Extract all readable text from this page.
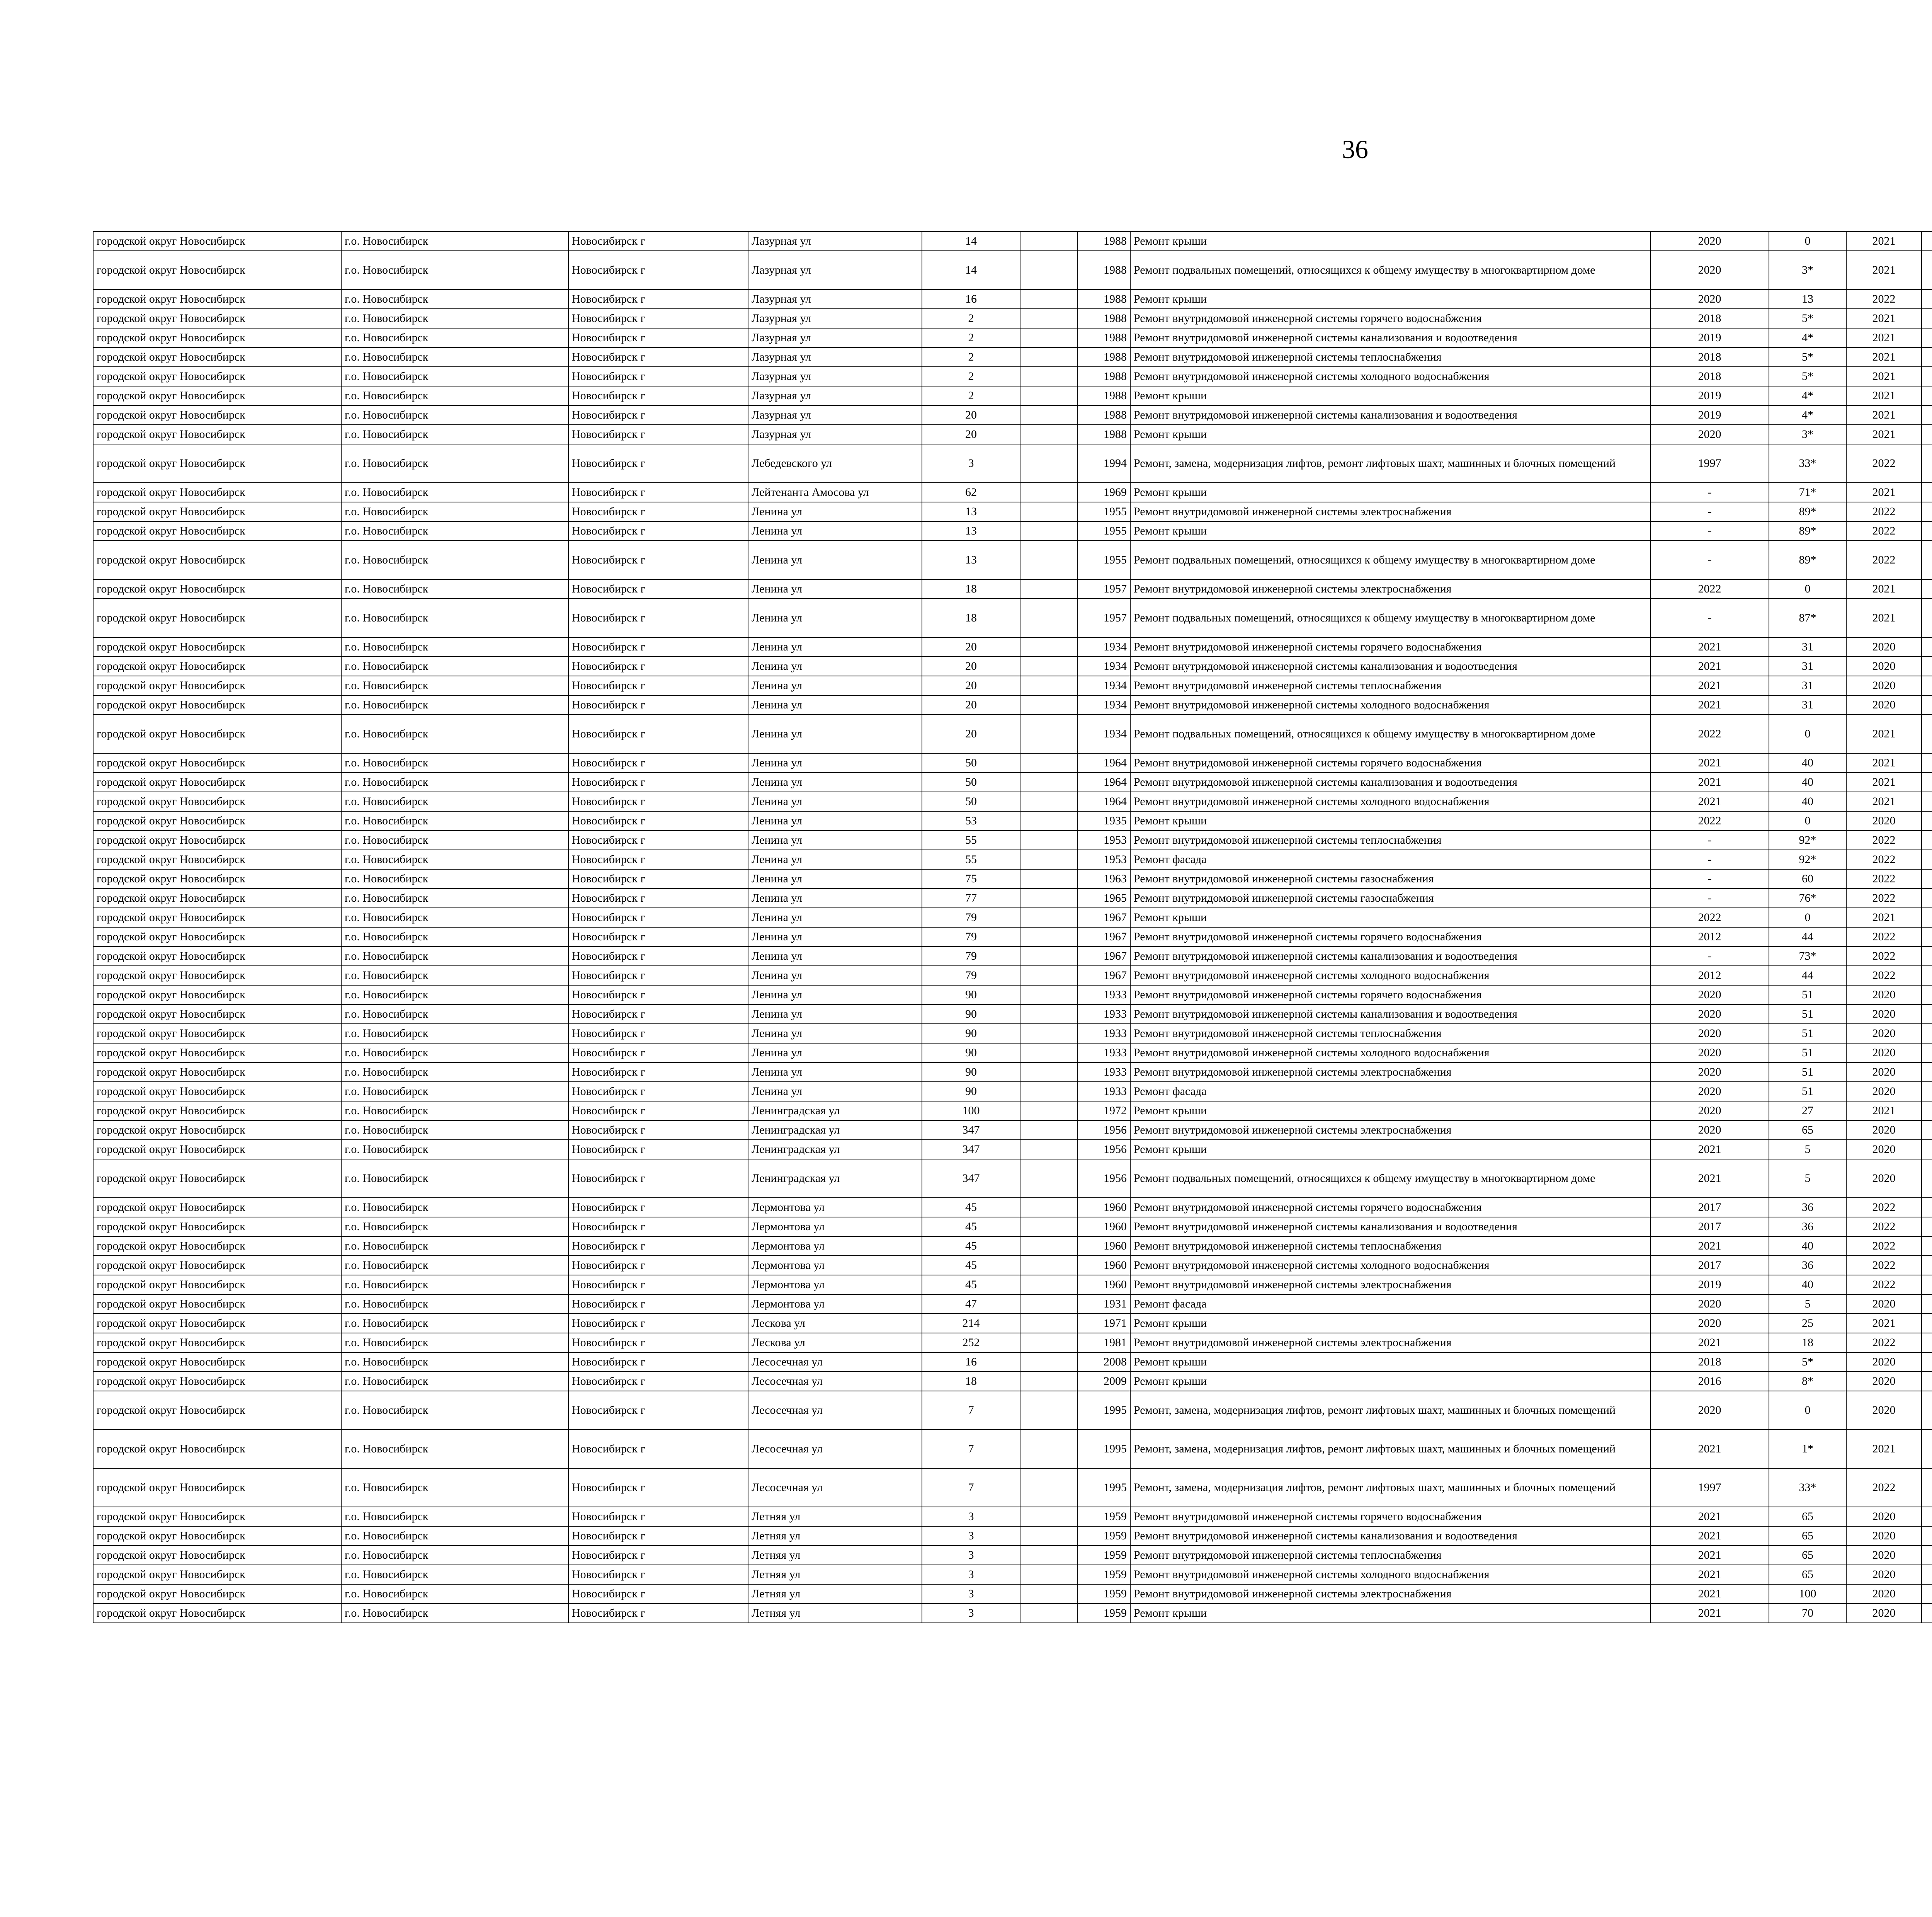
36
городской округ Новосибирск	г.о. Новосибирск	Новосибирск г	Лазурная ул	14		1988	Ремонт крыши	2020	0	2021						
городской округ Новосибирск	г.о. Новосибирск	Новосибирск г	Лазурная ул	14		1988	Ремонт подвальных помещений, относящихся к общему имуществу в многоквартирном доме	2020	3*	2021						
городской округ Новосибирск	г.о. Новосибирск	Новосибирск г	Лазурная ул	16		1988	Ремонт крыши	2020	13	2022						
городской округ Новосибирск	г.о. Новосибирск	Новосибирск г	Лазурная ул	2		1988	Ремонт внутридомовой инженерной системы горячего водоснабжения	2018	5*	2021						
городской округ Новосибирск	г.о. Новосибирск	Новосибирск г	Лазурная ул	2		1988	Ремонт внутридомовой инженерной системы канализования и водоотведения	2019	4*	2021						
городской округ Новосибирск	г.о. Новосибирск	Новосибирск г	Лазурная ул	2		1988	Ремонт внутридомовой инженерной системы теплоснабжения	2018	5*	2021						
городской округ Новосибирск	г.о. Новосибирск	Новосибирск г	Лазурная ул	2		1988	Ремонт внутридомовой инженерной системы холодного водоснабжения	2018	5*	2021						
городской округ Новосибирск	г.о. Новосибирск	Новосибирск г	Лазурная ул	2		1988	Ремонт крыши	2019	4*	2021						
городской округ Новосибирск	г.о. Новосибирск	Новосибирск г	Лазурная ул	20		1988	Ремонт внутридомовой инженерной системы канализования и водоотведения	2019	4*	2021						
городской округ Новосибирск	г.о. Новосибирск	Новосибирск г	Лазурная ул	20		1988	Ремонт крыши	2020	3*	2021						
городской округ Новосибирск	г.о. Новосибирск	Новосибирск г	Лебедевского ул	3		1994	Ремонт, замена, модернизация лифтов, ремонт лифтовых шахт, машинных и блочных помещений	1997	33*	2022						
городской округ Новосибирск	г.о. Новосибирск	Новосибирск г	Лейтенанта Амосова ул	62		1969	Ремонт крыши	-	71*	2021						
городской округ Новосибирск	г.о. Новосибирск	Новосибирск г	Ленина ул	13		1955	Ремонт внутридомовой инженерной системы электроснабжения	-	89*	2022						
городской округ Новосибирск	г.о. Новосибирск	Новосибирск г	Ленина ул	13		1955	Ремонт крыши	-	89*	2022						
городской округ Новосибирск	г.о. Новосибирск	Новосибирск г	Ленина ул	13		1955	Ремонт подвальных помещений, относящихся к общему имуществу в многоквартирном доме	-	89*	2022						
городской округ Новосибирск	г.о. Новосибирск	Новосибирск г	Ленина ул	18		1957	Ремонт внутридомовой инженерной системы электроснабжения	2022	0	2021						
городской округ Новосибирск	г.о. Новосибирск	Новосибирск г	Ленина ул	18		1957	Ремонт подвальных помещений, относящихся к общему имуществу в многоквартирном доме	-	87*	2021						
городской округ Новосибирск	г.о. Новосибирск	Новосибирск г	Ленина ул	20		1934	Ремонт внутридомовой инженерной системы горячего водоснабжения	2021	31	2020						
городской округ Новосибирск	г.о. Новосибирск	Новосибирск г	Ленина ул	20		1934	Ремонт внутридомовой инженерной системы канализования и водоотведения	2021	31	2020						
городской округ Новосибирск	г.о. Новосибирск	Новосибирск г	Ленина ул	20		1934	Ремонт внутридомовой инженерной системы теплоснабжения	2021	31	2020						
городской округ Новосибирск	г.о. Новосибирск	Новосибирск г	Ленина ул	20		1934	Ремонт внутридомовой инженерной системы холодного водоснабжения	2021	31	2020						
городской округ Новосибирск	г.о. Новосибирск	Новосибирск г	Ленина ул	20		1934	Ремонт подвальных помещений, относящихся к общему имуществу в многоквартирном доме	2022	0	2021						
городской округ Новосибирск	г.о. Новосибирск	Новосибирск г	Ленина ул	50		1964	Ремонт внутридомовой инженерной системы горячего водоснабжения	2021	40	2021						
городской округ Новосибирск	г.о. Новосибирск	Новосибирск г	Ленина ул	50		1964	Ремонт внутридомовой инженерной системы канализования и водоотведения	2021	40	2021						
городской округ Новосибирск	г.о. Новосибирск	Новосибирск г	Ленина ул	50		1964	Ремонт внутридомовой инженерной системы холодного водоснабжения	2021	40	2021						
городской округ Новосибирск	г.о. Новосибирск	Новосибирск г	Ленина ул	53		1935	Ремонт крыши	2022	0	2020						
городской округ Новосибирск	г.о. Новосибирск	Новосибирск г	Ленина ул	55		1953	Ремонт внутридомовой инженерной системы теплоснабжения	-	92*	2022						
городской округ Новосибирск	г.о. Новосибирск	Новосибирск г	Ленина ул	55		1953	Ремонт фасада	-	92*	2022						
городской округ Новосибирск	г.о. Новосибирск	Новосибирск г	Ленина ул	75		1963	Ремонт внутридомовой инженерной системы газоснабжения	-	60	2022						
городской округ Новосибирск	г.о. Новосибирск	Новосибирск г	Ленина ул	77		1965	Ремонт внутридомовой инженерной системы газоснабжения	-	76*	2022						
городской округ Новосибирск	г.о. Новосибирск	Новосибирск г	Ленина ул	79		1967	Ремонт крыши	2022	0	2021						
городской округ Новосибирск	г.о. Новосибирск	Новосибирск г	Ленина ул	79		1967	Ремонт внутридомовой инженерной системы горячего водоснабжения	2012	44	2022						
городской округ Новосибирск	г.о. Новосибирск	Новосибирск г	Ленина ул	79		1967	Ремонт внутридомовой инженерной системы канализования и водоотведения	-	73*	2022						
городской округ Новосибирск	г.о. Новосибирск	Новосибирск г	Ленина ул	79		1967	Ремонт внутридомовой инженерной системы холодного водоснабжения	2012	44	2022						
городской округ Новосибирск	г.о. Новосибирск	Новосибирск г	Ленина ул	90		1933	Ремонт внутридомовой инженерной системы горячего водоснабжения	2020	51	2020						
городской округ Новосибирск	г.о. Новосибирск	Новосибирск г	Ленина ул	90		1933	Ремонт внутридомовой инженерной системы канализования и водоотведения	2020	51	2020						
городской округ Новосибирск	г.о. Новосибирск	Новосибирск г	Ленина ул	90		1933	Ремонт внутридомовой инженерной системы теплоснабжения	2020	51	2020						
городской округ Новосибирск	г.о. Новосибирск	Новосибирск г	Ленина ул	90		1933	Ремонт внутридомовой инженерной системы холодного водоснабжения	2020	51	2020						
городской округ Новосибирск	г.о. Новосибирск	Новосибирск г	Ленина ул	90		1933	Ремонт внутридомовой инженерной системы электроснабжения	2020	51	2020						
городской округ Новосибирск	г.о. Новосибирск	Новосибирск г	Ленина ул	90		1933	Ремонт фасада	2020	51	2020						
городской округ Новосибирск	г.о. Новосибирск	Новосибирск г	Ленинградская ул	100		1972	Ремонт крыши	2020	27	2021						
городской округ Новосибирск	г.о. Новосибирск	Новосибирск г	Ленинградская ул	347		1956	Ремонт внутридомовой инженерной системы электроснабжения	2020	65	2020						
городской округ Новосибирск	г.о. Новосибирск	Новосибирск г	Ленинградская ул	347		1956	Ремонт крыши	2021	5	2020						
городской округ Новосибирск	г.о. Новосибирск	Новосибирск г	Ленинградская ул	347		1956	Ремонт подвальных помещений, относящихся к общему имуществу в многоквартирном доме	2021	5	2020						
городской округ Новосибирск	г.о. Новосибирск	Новосибирск г	Лермонтова ул	45		1960	Ремонт внутридомовой инженерной системы горячего водоснабжения	2017	36	2022						
городской округ Новосибирск	г.о. Новосибирск	Новосибирск г	Лермонтова ул	45		1960	Ремонт внутридомовой инженерной системы канализования и водоотведения	2017	36	2022						
городской округ Новосибирск	г.о. Новосибирск	Новосибирск г	Лермонтова ул	45		1960	Ремонт внутридомовой инженерной системы теплоснабжения	2021	40	2022						
городской округ Новосибирск	г.о. Новосибирск	Новосибирск г	Лермонтова ул	45		1960	Ремонт внутридомовой инженерной системы холодного водоснабжения	2017	36	2022						
городской округ Новосибирск	г.о. Новосибирск	Новосибирск г	Лермонтова ул	45		1960	Ремонт внутридомовой инженерной системы электроснабжения	2019	40	2022						
городской округ Новосибирск	г.о. Новосибирск	Новосибирск г	Лермонтова ул	47		1931	Ремонт фасада	2020	5	2020						
городской округ Новосибирск	г.о. Новосибирск	Новосибирск г	Лескова ул	214		1971	Ремонт крыши	2020	25	2021						
городской округ Новосибирск	г.о. Новосибирск	Новосибирск г	Лескова ул	252		1981	Ремонт внутридомовой инженерной системы электроснабжения	2021	18	2022						
городской округ Новосибирск	г.о. Новосибирск	Новосибирск г	Лесосечная ул	16		2008	Ремонт крыши	2018	5*	2020						
городской округ Новосибирск	г.о. Новосибирск	Новосибирск г	Лесосечная ул	18		2009	Ремонт крыши	2016	8*	2020						
городской округ Новосибирск	г.о. Новосибирск	Новосибирск г	Лесосечная ул	7		1995	Ремонт, замена, модернизация лифтов, ремонт лифтовых шахт, машинных и блочных помещений	2020	0	2020						
городской округ Новосибирск	г.о. Новосибирск	Новосибирск г	Лесосечная ул	7		1995	Ремонт, замена, модернизация лифтов, ремонт лифтовых шахт, машинных и блочных помещений	2021	1*	2021						
городской округ Новосибирск	г.о. Новосибирск	Новосибирск г	Лесосечная ул	7		1995	Ремонт, замена, модернизация лифтов, ремонт лифтовых шахт, машинных и блочных помещений	1997	33*	2022						
городской округ Новосибирск	г.о. Новосибирск	Новосибирск г	Летняя ул	3		1959	Ремонт внутридомовой инженерной системы горячего водоснабжения	2021	65	2020						
городской округ Новосибирск	г.о. Новосибирск	Новосибирск г	Летняя ул	3		1959	Ремонт внутридомовой инженерной системы канализования и водоотведения	2021	65	2020						
городской округ Новосибирск	г.о. Новосибирск	Новосибирск г	Летняя ул	3		1959	Ремонт внутридомовой инженерной системы теплоснабжения	2021	65	2020						
городской округ Новосибирск	г.о. Новосибирск	Новосибирск г	Летняя ул	3		1959	Ремонт внутридомовой инженерной системы холодного водоснабжения	2021	65	2020						
городской округ Новосибирск	г.о. Новосибирск	Новосибирск г	Летняя ул	3		1959	Ремонт внутридомовой инженерной системы электроснабжения	2021	100	2020						
городской округ Новосибирск	г.о. Новосибирск	Новосибирск г	Летняя ул	3		1959	Ремонт крыши	2021	70	2020						
